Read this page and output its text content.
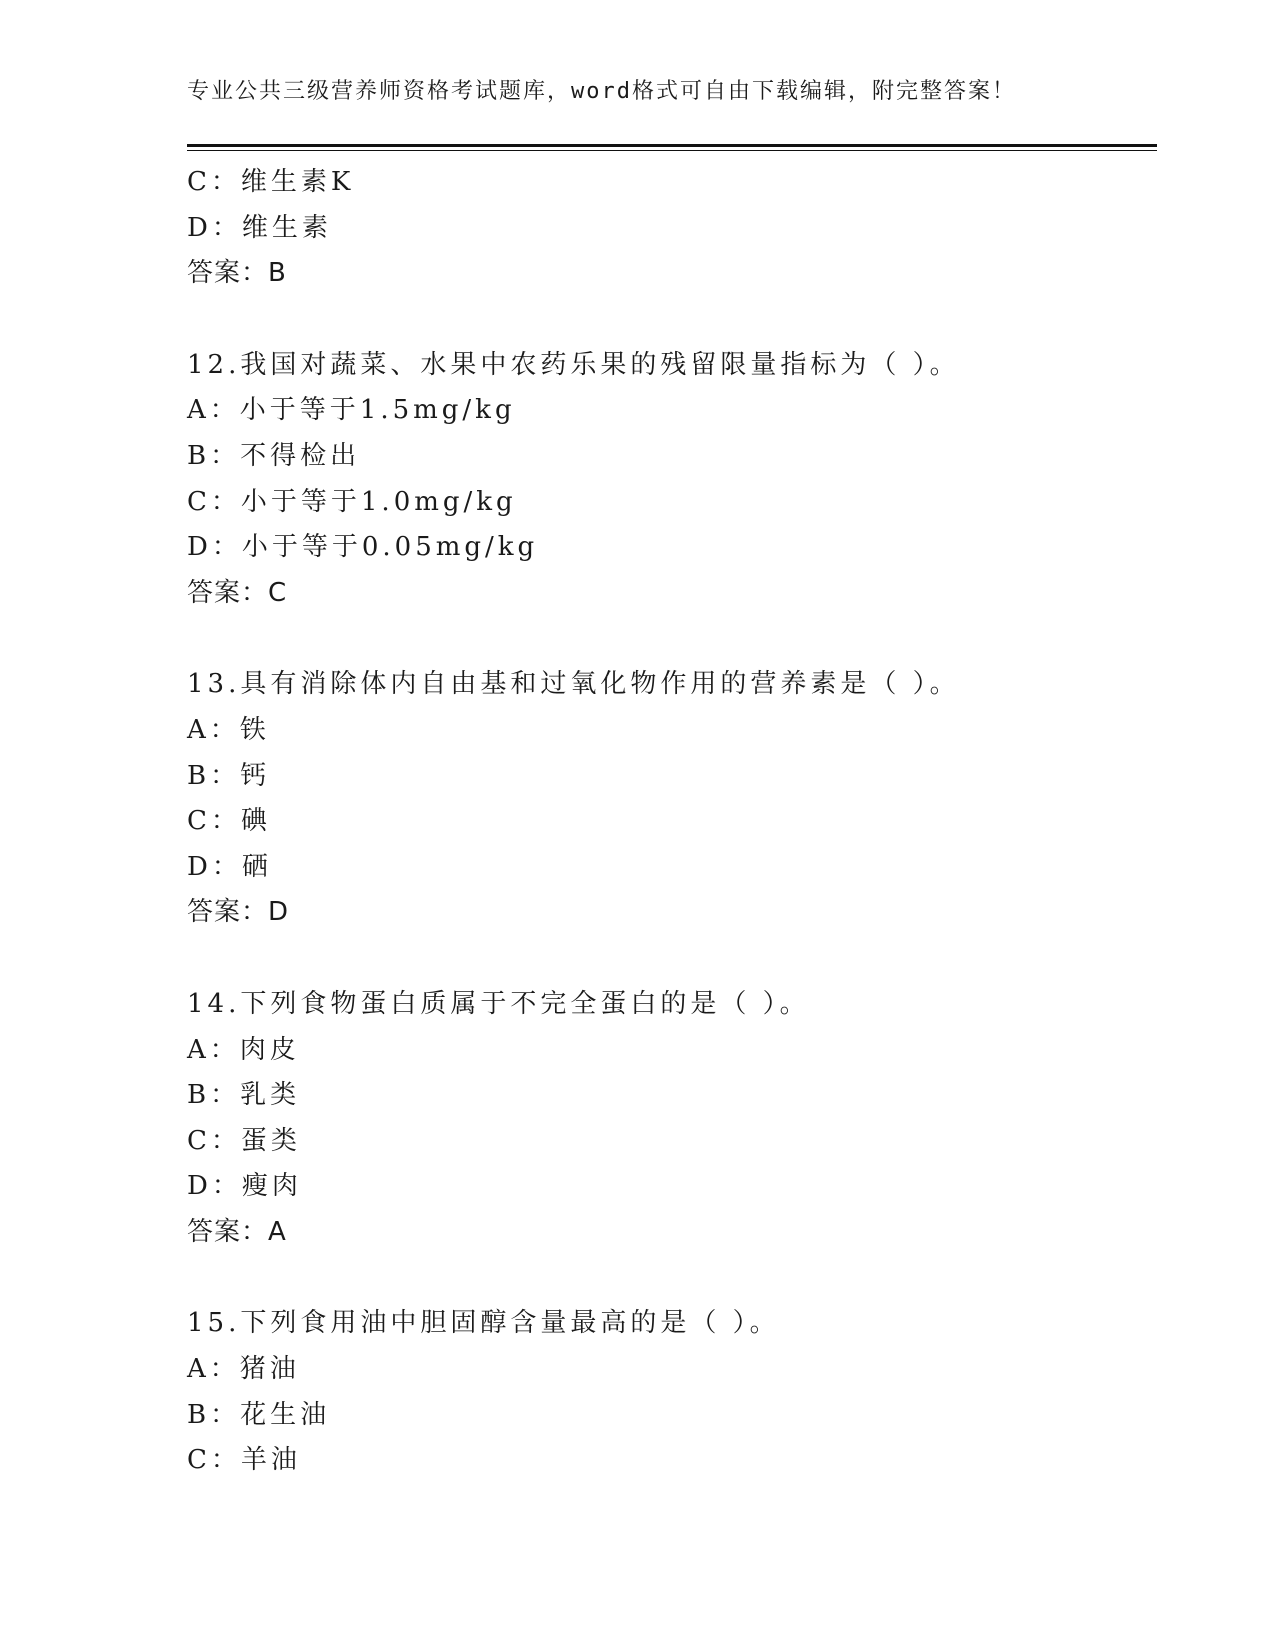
专业公共三级营养师资格考试题库，word格式可自由下载编辑，附完整答案！
C：维生素K
D：维生素
答案：B
12.我国对蔬菜、水果中农药乐果的残留限量指标为（ ）。
A：小于等于1.5mg/kg
B：不得检出
C：小于等于1.0mg/kg
D：小于等于0.05mg/kg
答案：C
13.具有消除体内自由基和过氧化物作用的营养素是（ ）。
A：铁
B：钙
C：碘
D：硒
答案：D
14.下列食物蛋白质属于不完全蛋白的是（ ）。
A：肉皮
B：乳类
C：蛋类
D：瘦肉
答案：A
15.下列食用油中胆固醇含量最高的是（ ）。
A：猪油
B：花生油
C：羊油
